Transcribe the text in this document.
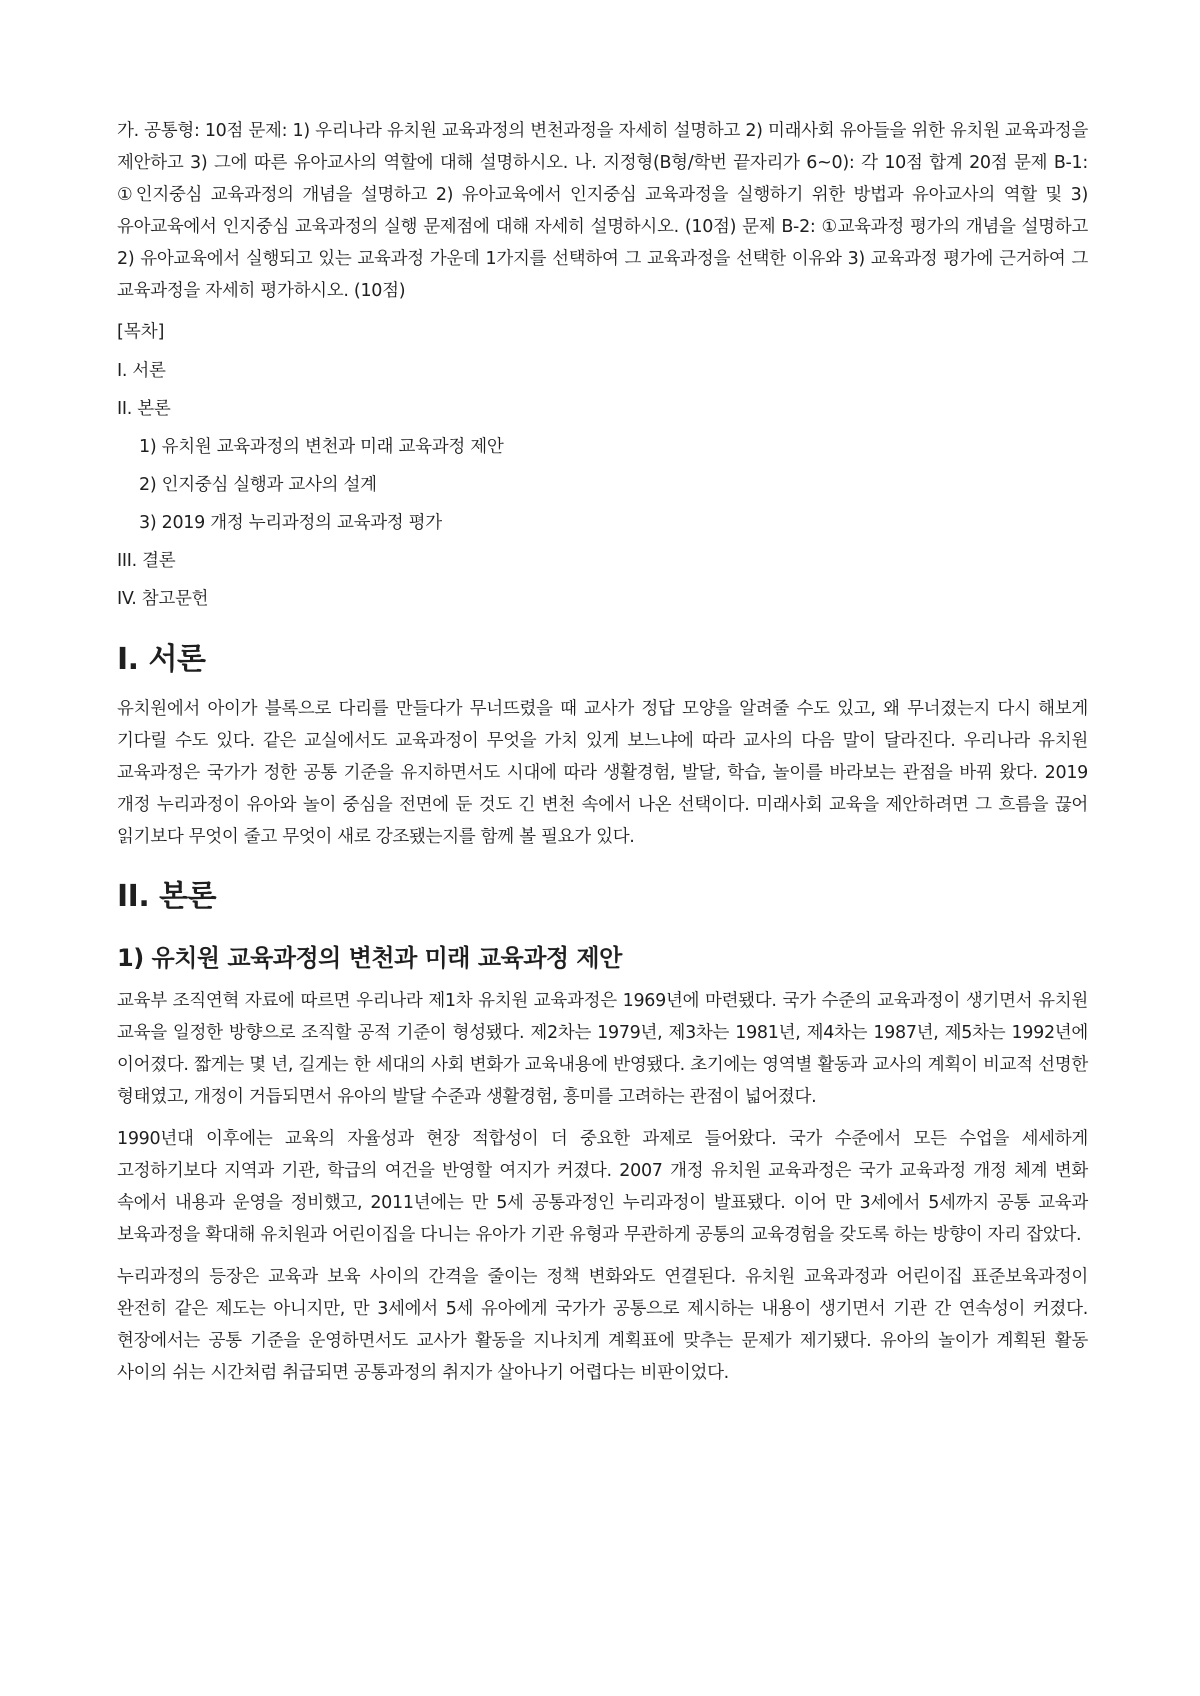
가. 공통형: 10점 문제: 1) 우리나라 유치원 교육과정의 변천과정을 자세히 설명하고 2) 미래사회 유아들을 위한 유치원 교육과정을 제안하고 3) 그에 따른 유아교사의 역할에 대해 설명하시오. 나. 지정형(B형/학번 끝자리가 6~0): 각 10점 합계 20점 문제 B-1: ①인지중심 교육과정의 개념을 설명하고 2) 유아교육에서 인지중심 교육과정을 실행하기 위한 방법과 유아교사의 역할 및 3) 유아교육에서 인지중심 교육과정의 실행 문제점에 대해 자세히 설명하시오. (10점) 문제 B-2: ①교육과정 평가의 개념을 설명하고 2) 유아교육에서 실행되고 있는 교육과정 가운데 1가지를 선택하여 그 교육과정을 선택한 이유와 3) 교육과정 평가에 근거하여 그 교육과정을 자세히 평가하시오. (10점)

[목차]
I. 서론
II. 본론
1) 유치원 교육과정의 변천과 미래 교육과정 제안
2) 인지중심 실행과 교사의 설계
3) 2019 개정 누리과정의 교육과정 평가
III. 결론
IV. 참고문헌
I. 서론

유치원에서 아이가 블록으로 다리를 만들다가 무너뜨렸을 때 교사가 정답 모양을 알려줄 수도 있고, 왜 무너졌는지 다시 해보게 기다릴 수도 있다. 같은 교실에서도 교육과정이 무엇을 가치 있게 보느냐에 따라 교사의 다음 말이 달라진다. 우리나라 유치원 교육과정은 국가가 정한 공통 기준을 유지하면서도 시대에 따라 생활경험, 발달, 학습, 놀이를 바라보는 관점을 바꿔 왔다. 2019 개정 누리과정이 유아와 놀이 중심을 전면에 둔 것도 긴 변천 속에서 나온 선택이다. 미래사회 교육을 제안하려면 그 흐름을 끊어 읽기보다 무엇이 줄고 무엇이 새로 강조됐는지를 함께 볼 필요가 있다.

II. 본론
1) 유치원 교육과정의 변천과 미래 교육과정 제안

교육부 조직연혁 자료에 따르면 우리나라 제1차 유치원 교육과정은 1969년에 마련됐다. 국가 수준의 교육과정이 생기면서 유치원 교육을 일정한 방향으로 조직할 공적 기준이 형성됐다. 제2차는 1979년, 제3차는 1981년, 제4차는 1987년, 제5차는 1992년에 이어졌다. 짧게는 몇 년, 길게는 한 세대의 사회 변화가 교육내용에 반영됐다. 초기에는 영역별 활동과 교사의 계획이 비교적 선명한 형태였고, 개정이 거듭되면서 유아의 발달 수준과 생활경험, 흥미를 고려하는 관점이 넓어졌다.

1990년대 이후에는 교육의 자율성과 현장 적합성이 더 중요한 과제로 들어왔다. 국가 수준에서 모든 수업을 세세하게 고정하기보다 지역과 기관, 학급의 여건을 반영할 여지가 커졌다. 2007 개정 유치원 교육과정은 국가 교육과정 개정 체계 변화 속에서 내용과 운영을 정비했고, 2011년에는 만 5세 공통과정인 누리과정이 발표됐다. 이어 만 3세에서 5세까지 공통 교육과 보육과정을 확대해 유치원과 어린이집을 다니는 유아가 기관 유형과 무관하게 공통의 교육경험을 갖도록 하는 방향이 자리 잡았다.

누리과정의 등장은 교육과 보육 사이의 간격을 줄이는 정책 변화와도 연결된다. 유치원 교육과정과 어린이집 표준보육과정이 완전히 같은 제도는 아니지만, 만 3세에서 5세 유아에게 국가가 공통으로 제시하는 내용이 생기면서 기관 간 연속성이 커졌다. 현장에서는 공통 기준을 운영하면서도 교사가 활동을 지나치게 계획표에 맞추는 문제가 제기됐다. 유아의 놀이가 계획된 활동 사이의 쉬는 시간처럼 취급되면 공통과정의 취지가 살아나기 어렵다는 비판이었다.
